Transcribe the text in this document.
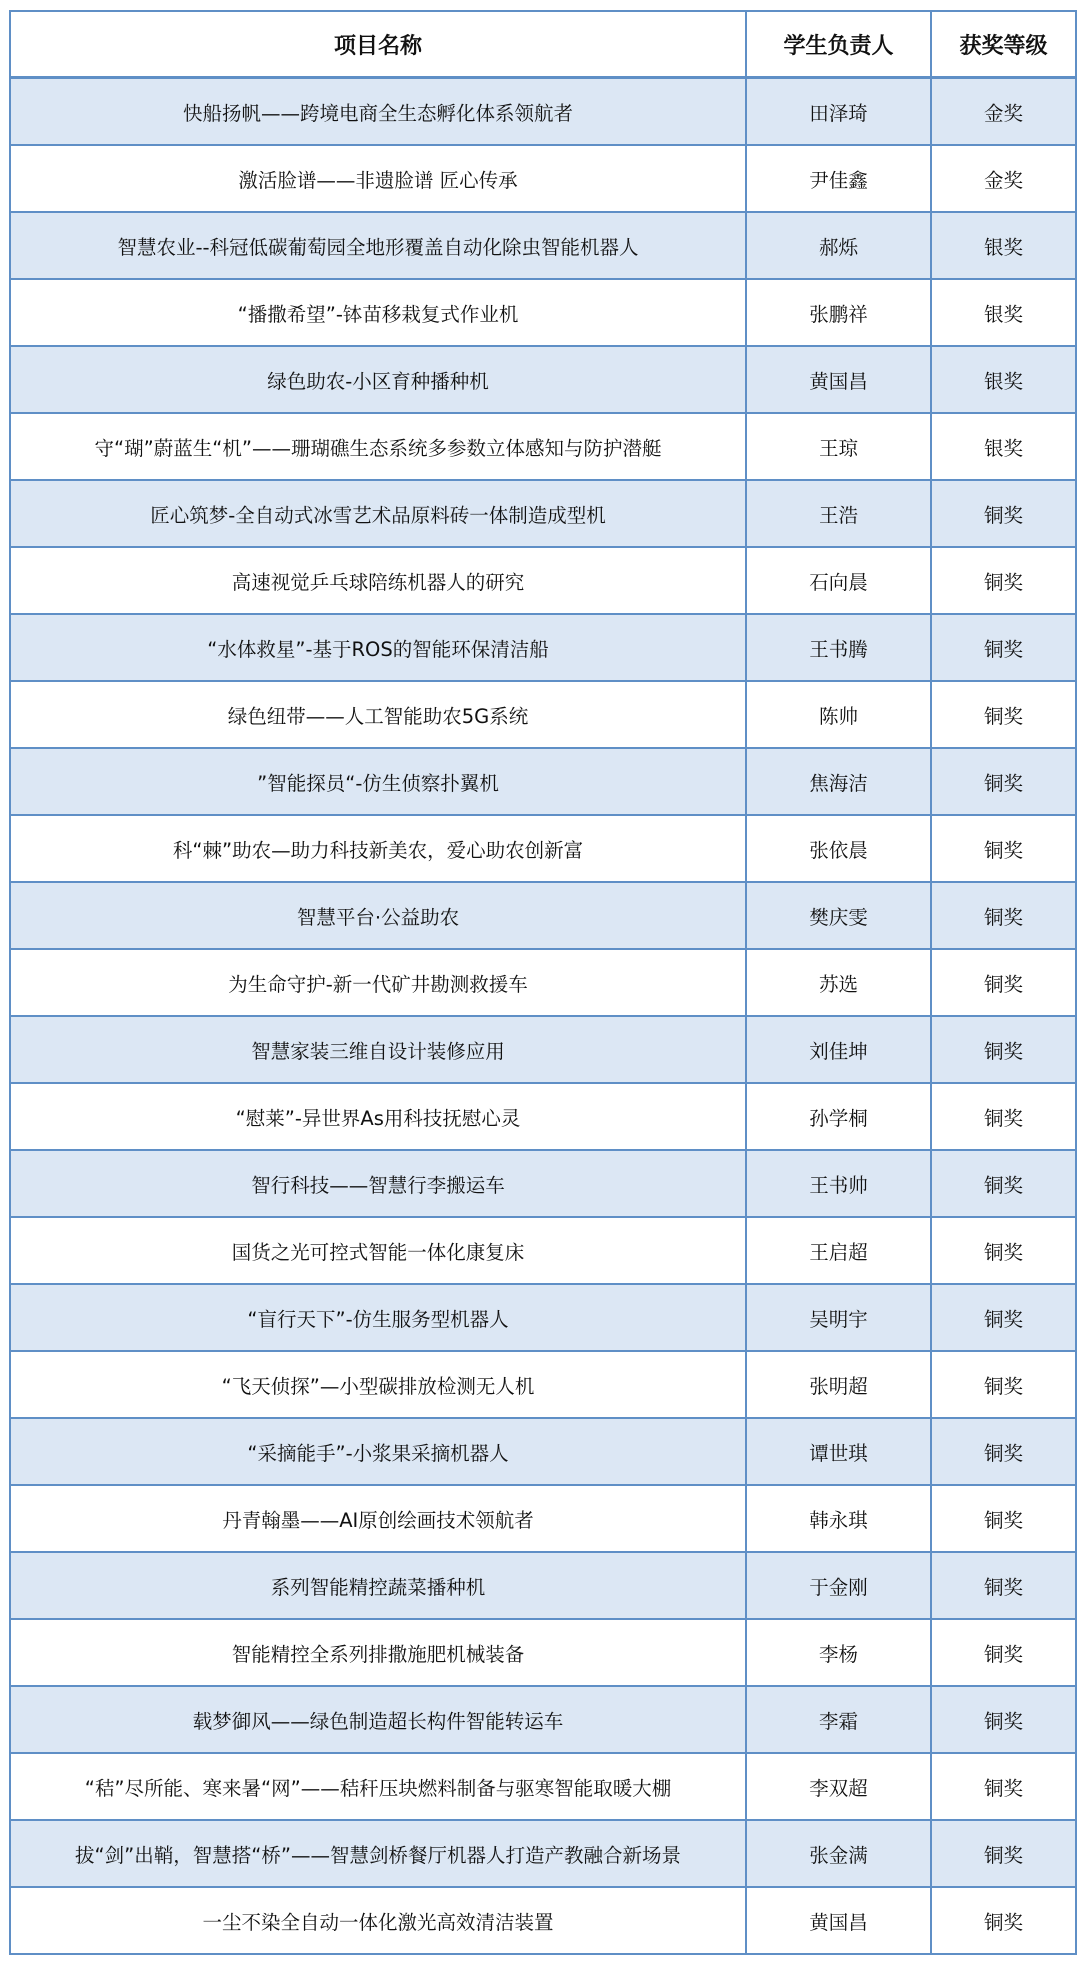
项目名称	学生负责人	获奖等级
快船扬帆——跨境电商全生态孵化体系领航者	田泽琦	金奖
激活脸谱——非遗脸谱 匠心传承	尹佳鑫	金奖
智慧农业--科冠低碳葡萄园全地形覆盖自动化除虫智能机器人	郝烁	银奖
“播撒希望”-钵苗移栽复式作业机	张鹏祥	银奖
绿色助农-小区育种播种机	黄国昌	银奖
守“瑚”蔚蓝生“机”——珊瑚礁生态系统多参数立体感知与防护潜艇	王琼	银奖
匠心筑梦-全自动式冰雪艺术品原料砖一体制造成型机	王浩	铜奖
高速视觉乒乓球陪练机器人的研究	石向晨	铜奖
“水体救星”-基于ROS的智能环保清洁船	王书腾	铜奖
绿色纽带——人工智能助农5G系统	陈帅	铜奖
”智能探员“-仿生侦察扑翼机	焦海洁	铜奖
科“棘”助农—助力科技新美农，爱心助农创新富	张依晨	铜奖
智慧平台·公益助农	樊庆雯	铜奖
为生命守护-新一代矿井勘测救援车	苏选	铜奖
智慧家装三维自设计装修应用	刘佳坤	铜奖
“慰莱”-异世界As用科技抚慰心灵	孙学桐	铜奖
智行科技——智慧行李搬运车	王书帅	铜奖
国货之光可控式智能一体化康复床	王启超	铜奖
“盲行天下”-仿生服务型机器人	吴明宇	铜奖
“飞天侦探”—小型碳排放检测无人机	张明超	铜奖
“采摘能手”-小浆果采摘机器人	谭世琪	铜奖
丹青翰墨——AI原创绘画技术领航者	韩永琪	铜奖
系列智能精控蔬菜播种机	于金刚	铜奖
智能精控全系列排撒施肥机械装备	李杨	铜奖
载梦御风——绿色制造超长构件智能转运车	李霜	铜奖
“秸”尽所能、寒来暑“网”——秸秆压块燃料制备与驱寒智能取暖大棚	李双超	铜奖
拔“剑”出鞘，智慧搭“桥”——智慧剑桥餐厅机器人打造产教融合新场景	张金满	铜奖
一尘不染全自动一体化激光高效清洁装置	黄国昌	铜奖
